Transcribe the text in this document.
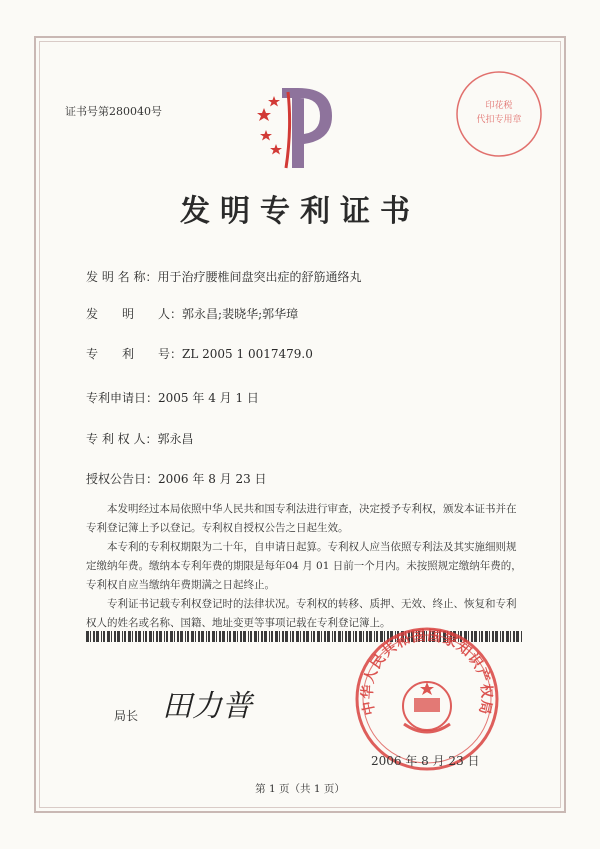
证书号第280040号	印花税
代扣专用章
发明专利证书
发 明 名 称：用于治疗腰椎间盘突出症的舒筋通络丸
发　　明　　人：郭永昌;裴晓华;郭华璋
专　　利　　号：ZL 2005 1 0017479.0
专利申请日：2005 年 4 月 1 日
专 利 权 人：郭永昌
授权公告日：2006 年 8 月 23 日

本发明经过本局依照中华人民共和国专利法进行审查，决定授予专利权，颁发本证书并在专利登记簿上予以登记。专利权自授权公告之日起生效。

本专利的专利权期限为二十年，自申请日起算。专利权人应当依照专利法及其实施细则规定缴纳年费。缴纳本专利年费的期限是每年04 月 01 日前一个月内。未按照规定缴纳年费的，专利权自应当缴纳年费期满之日起终止。

专利证书记载专利权登记时的法律状况。专利权的转移、质押、无效、终止、恢复和专利权人的姓名或名称、国籍、地址变更等事项记载在专利登记簿上。

局长 田力普	中华人民共和国国家知识产权局
2006 年 8 月 23 日
第 1 页（共 1 页）
